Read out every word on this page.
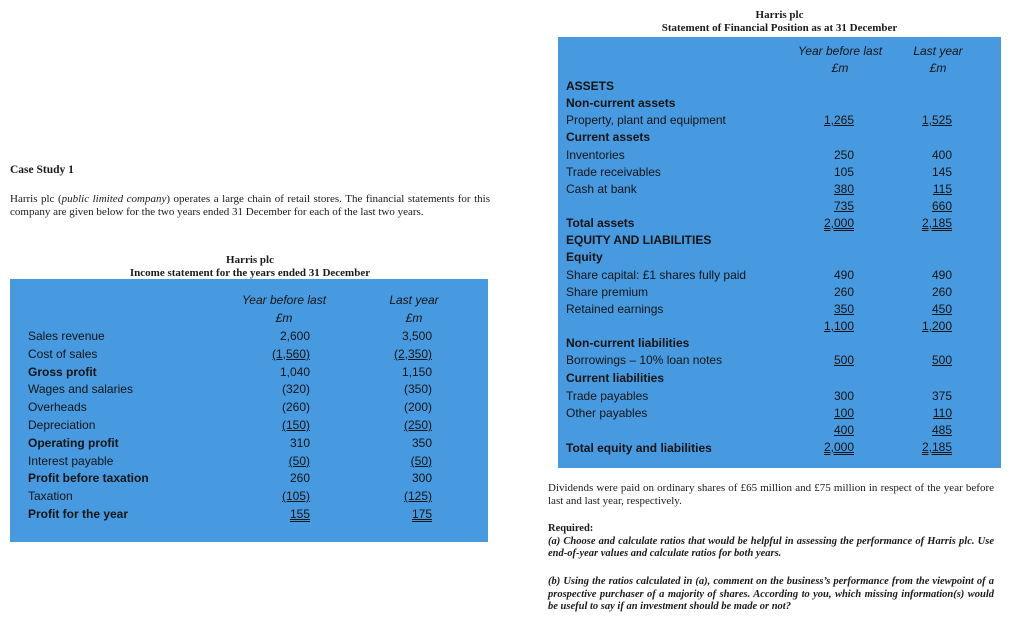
Case Study 1
Harris plc (public limited company) operates a large chain of retail stores. The financial statements for this company are given below for the two years ended 31 December for each of the last two years.
Harris plc
Income statement for the years ended 31 December
Year before last	Last year
£m	£m
Sales revenue	2,600	3,500
Cost of sales	(1,560)	(2,350)
Gross profit	1,040	1,150
Wages and salaries	(320)	(350)
Overheads	(260)	(200)
Depreciation	(150)	(250)
Operating profit	310	350
Interest payable	(50)	(50)
Profit before taxation	260	300
Taxation	(105)	(125)
Profit for the year	155	175
Harris plc
Statement of Financial Position as at 31 December
Year before last	Last year
£m	£m
ASSETS
Non-current assets
Property, plant and equipment	1,265	1,525
Current assets
Inventories	250	400
Trade receivables	105	145
Cash at bank	380	115
735	660
Total assets	2,000	2,185
EQUITY AND LIABILITIES
Equity
Share capital: £1 shares fully paid	490	490
Share premium	260	260
Retained earnings	350	450
1,100	1,200
Non-current liabilities
Borrowings – 10% loan notes	500	500
Current liabilities
Trade payables	300	375
Other payables	100	110
400	485
Total equity and liabilities	2,000	2,185
Dividends were paid on ordinary shares of £65 million and £75 million in respect of the year before last and last year, respectively.
Required:
(a) Choose and calculate ratios that would be helpful in assessing the performance of Harris plc. Use end-of-year values and calculate ratios for both years.
(b) Using the ratios calculated in (a), comment on the business’s performance from the viewpoint of a prospective purchaser of a majority of shares. According to you, which missing information(s) would be useful to say if an investment should be made or not?
